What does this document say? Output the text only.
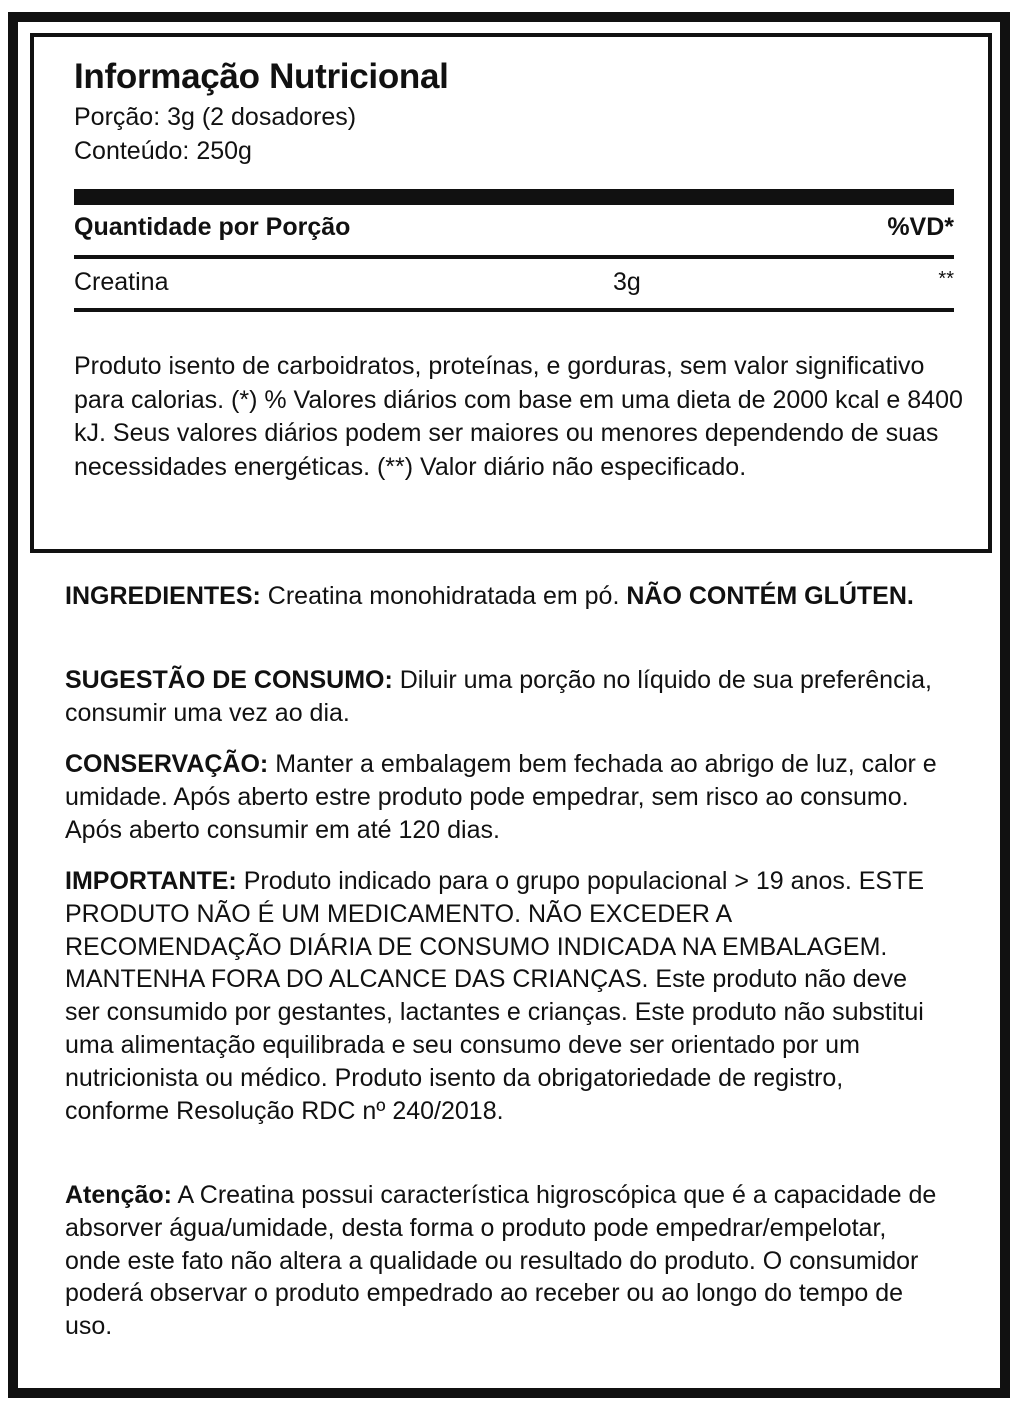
Informação Nutricional

Porção: 3g (2 dosadores)

Conteúdo: 250g

Quantidade por Porção	%VD*
Creatina	3g	**

Produto isento de carboidratos, proteínas, e gorduras, sem valor significativo para calorias. (*) % Valores diários com base em uma dieta de 2000 kcal e 8400 kJ. Seus valores diários podem ser maiores ou menores dependendo de suas necessidades energéticas. (**) Valor diário não especificado.

INGREDIENTES: Creatina monohidratada em pó. NÃO CONTÉM GLÚTEN.

SUGESTÃO DE CONSUMO: Diluir uma porção no líquido de sua preferência, consumir uma vez ao dia.

CONSERVAÇÃO: Manter a embalagem bem fechada ao abrigo de luz, calor e umidade. Após aberto estre produto pode empedrar, sem risco ao consumo. Após aberto consumir em até 120 dias.

IMPORTANTE: Produto indicado para o grupo populacional > 19 anos. ESTE PRODUTO NÃO É UM MEDICAMENTO. NÃO EXCEDER A RECOMENDAÇÃO DIÁRIA DE CONSUMO INDICADA NA EMBALAGEM. MANTENHA FORA DO ALCANCE DAS CRIANÇAS. Este produto não deve ser consumido por gestantes, lactantes e crianças. Este produto não substitui uma alimentação equilibrada e seu consumo deve ser orientado por um nutricionista ou médico. Produto isento da obrigatoriedade de registro, conforme Resolução RDC nº 240/2018.

Atenção: A Creatina possui característica higroscópica que é a capacidade de absorver água/umidade, desta forma o produto pode empedrar/empelotar, onde este fato não altera a qualidade ou resultado do produto. O consumidor poderá observar o produto empedrado ao receber ou ao longo do tempo de uso.
